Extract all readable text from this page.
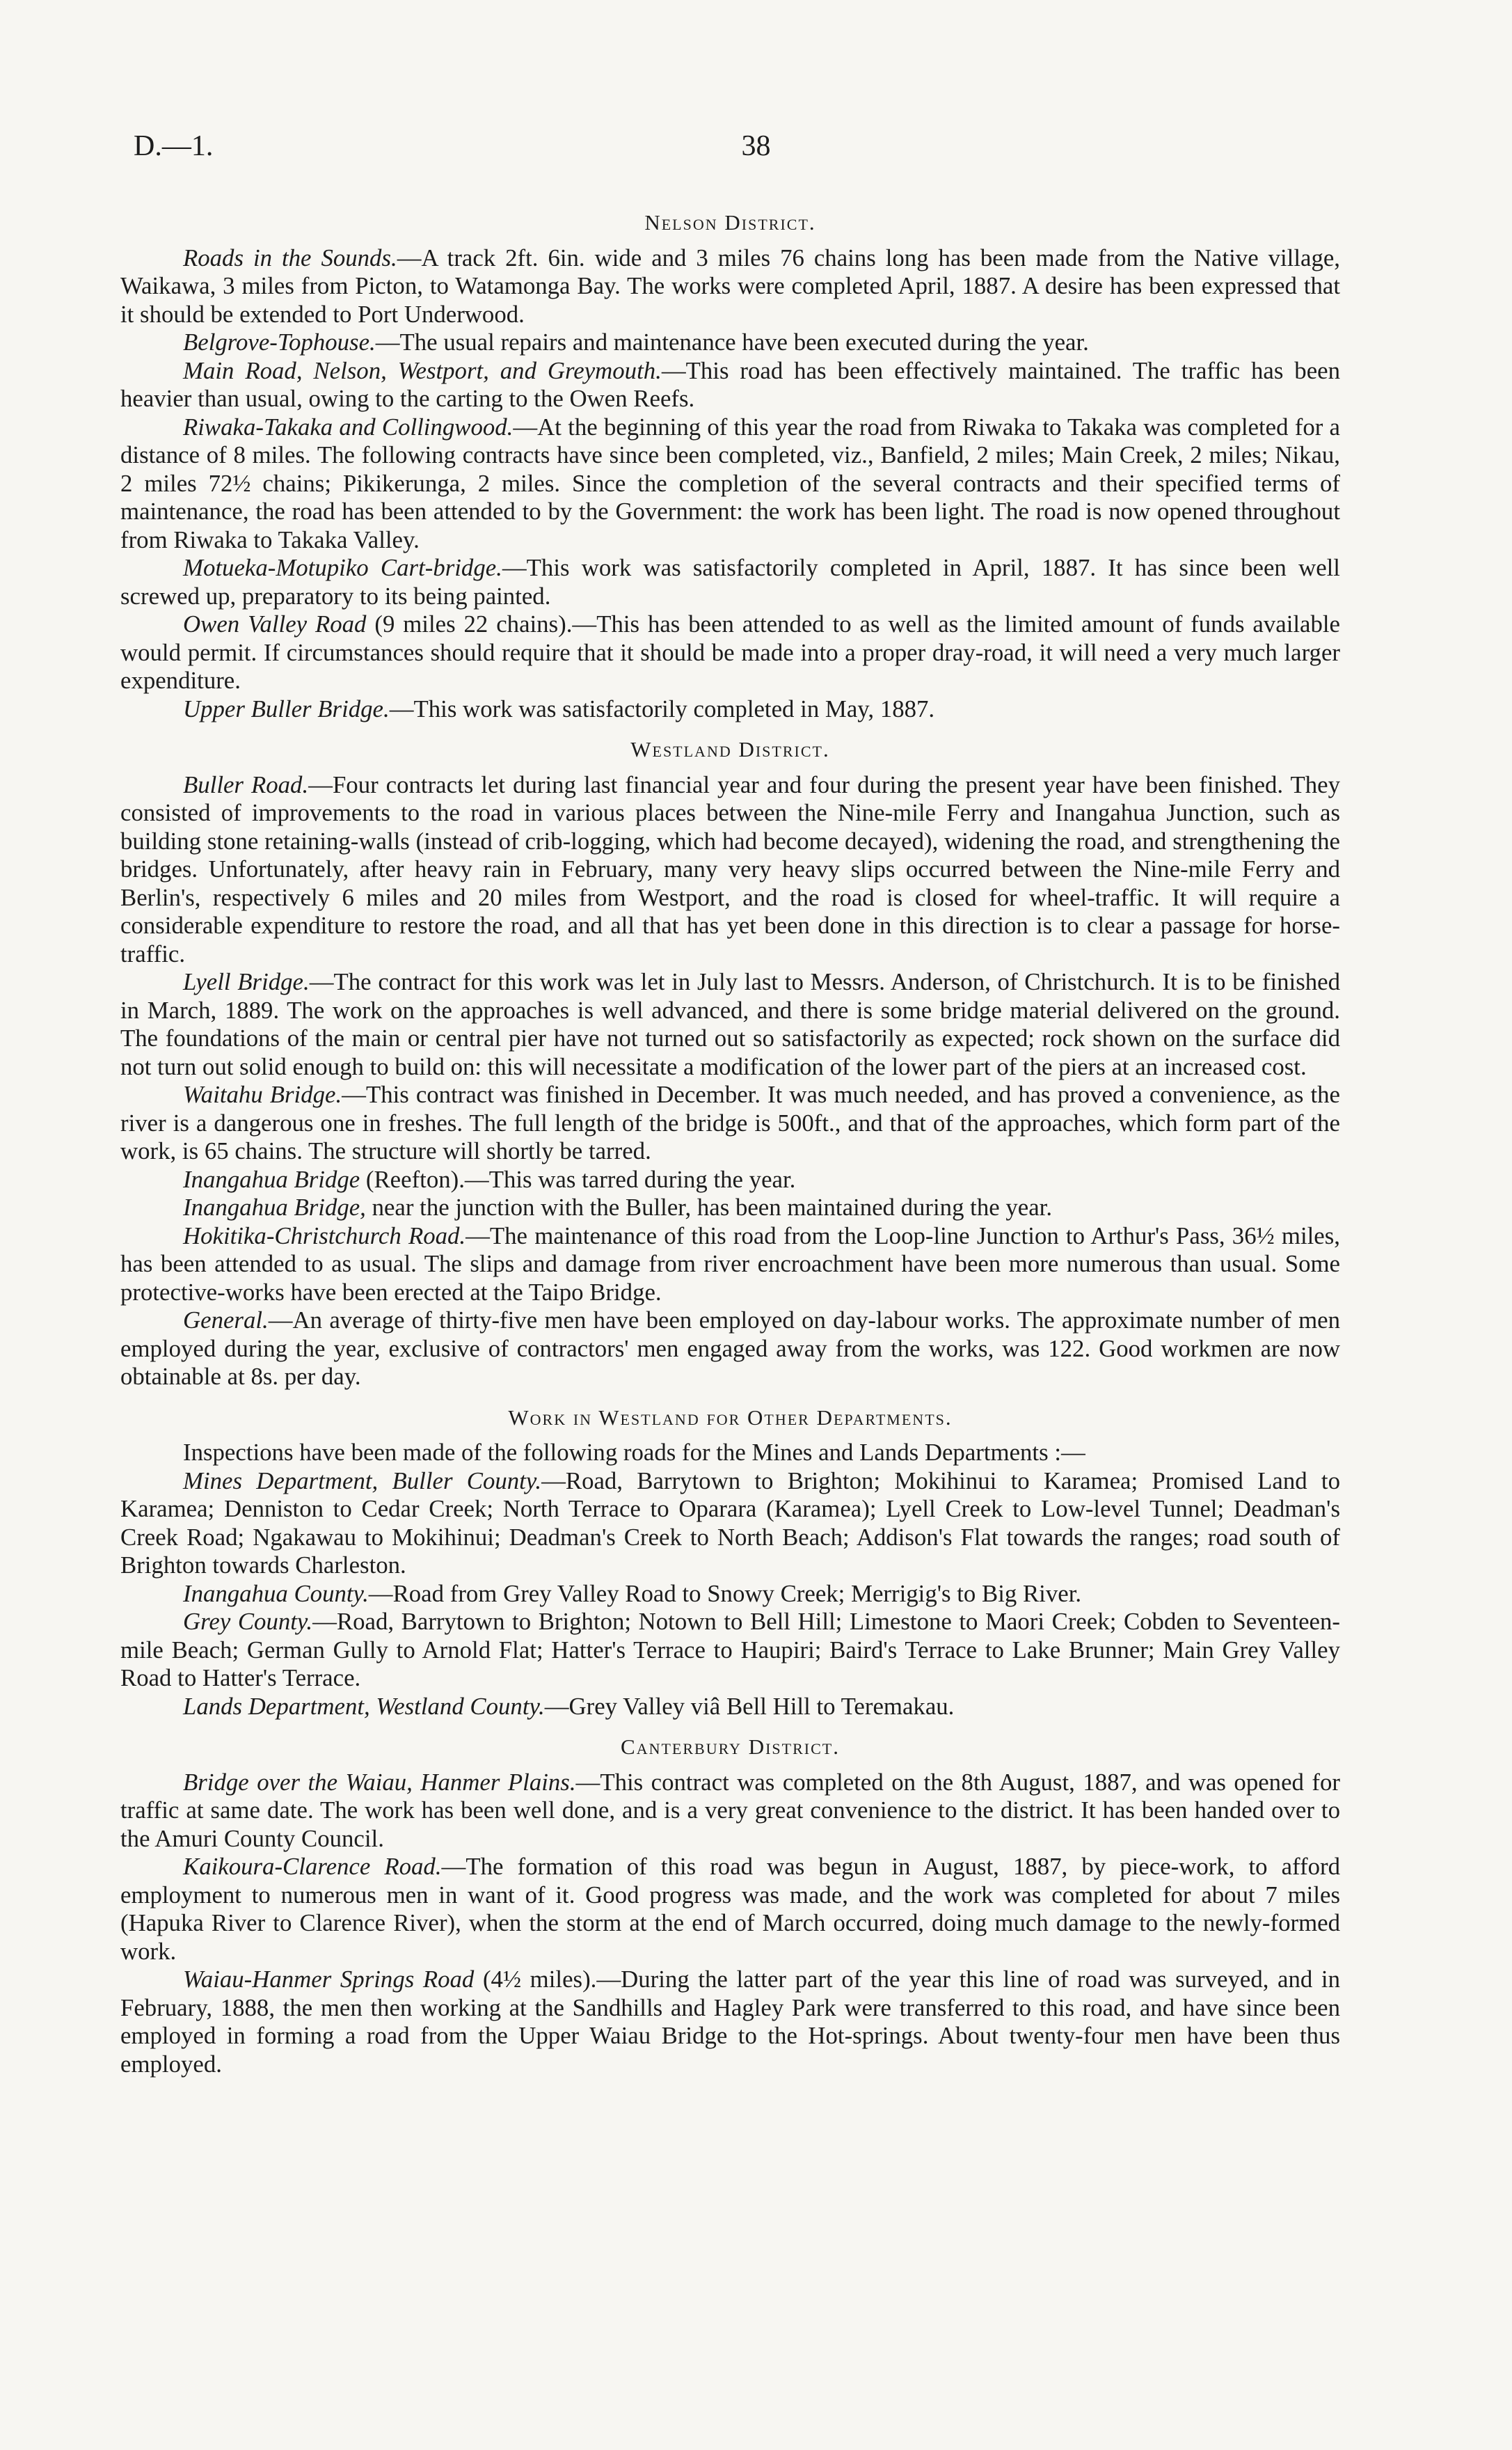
D.—1.	38
Nelson District.

Roads in the Sounds.—A track 2ft. 6in. wide and 3 miles 76 chains long has been made from the Native village, Waikawa, 3 miles from Picton, to Watamonga Bay. The works were completed April, 1887. A desire has been expressed that it should be extended to Port Underwood.

Belgrove-Tophouse.—The usual repairs and maintenance have been executed during the year.

Main Road, Nelson, Westport, and Greymouth.—This road has been effectively maintained. The traffic has been heavier than usual, owing to the carting to the Owen Reefs.

Riwaka-Takaka and Collingwood.—At the beginning of this year the road from Riwaka to Takaka was completed for a distance of 8 miles. The following contracts have since been completed, viz., Banfield, 2 miles; Main Creek, 2 miles; Nikau, 2 miles 72½ chains; Pikikerunga, 2 miles. Since the completion of the several contracts and their specified terms of maintenance, the road has been attended to by the Government: the work has been light. The road is now opened throughout from Riwaka to Takaka Valley.

Motueka-Motupiko Cart-bridge.—This work was satisfactorily completed in April, 1887. It has since been well screwed up, preparatory to its being painted.

Owen Valley Road (9 miles 22 chains).—This has been attended to as well as the limited amount of funds available would permit. If circumstances should require that it should be made into a proper dray-road, it will need a very much larger expenditure.

Upper Buller Bridge.—This work was satisfactorily completed in May, 1887.

Westland District.

Buller Road.—Four contracts let during last financial year and four during the present year have been finished. They consisted of improvements to the road in various places between the Nine-mile Ferry and Inangahua Junction, such as building stone retaining-walls (instead of crib-logging, which had become decayed), widening the road, and strengthening the bridges. Unfortunately, after heavy rain in February, many very heavy slips occurred between the Nine-mile Ferry and Berlin's, respectively 6 miles and 20 miles from Westport, and the road is closed for wheel-traffic. It will require a considerable expenditure to restore the road, and all that has yet been done in this direction is to clear a passage for horse-traffic.

Lyell Bridge.—The contract for this work was let in July last to Messrs. Anderson, of Christchurch. It is to be finished in March, 1889. The work on the approaches is well advanced, and there is some bridge material delivered on the ground. The foundations of the main or central pier have not turned out so satisfactorily as expected; rock shown on the surface did not turn out solid enough to build on: this will necessitate a modification of the lower part of the piers at an increased cost.

Waitahu Bridge.—This contract was finished in December. It was much needed, and has proved a convenience, as the river is a dangerous one in freshes. The full length of the bridge is 500ft., and that of the approaches, which form part of the work, is 65 chains. The structure will shortly be tarred.

Inangahua Bridge (Reefton).—This was tarred during the year.

Inangahua Bridge, near the junction with the Buller, has been maintained during the year.

Hokitika-Christchurch Road.—The maintenance of this road from the Loop-line Junction to Arthur's Pass, 36½ miles, has been attended to as usual. The slips and damage from river encroachment have been more numerous than usual. Some protective-works have been erected at the Taipo Bridge.

General.—An average of thirty-five men have been employed on day-labour works. The approximate number of men employed during the year, exclusive of contractors' men engaged away from the works, was 122. Good workmen are now obtainable at 8s. per day.

Work in Westland for Other Departments.

Inspections have been made of the following roads for the Mines and Lands Departments :—

Mines Department, Buller County.—Road, Barrytown to Brighton; Mokihinui to Karamea; Promised Land to Karamea; Denniston to Cedar Creek; North Terrace to Oparara (Karamea); Lyell Creek to Low-level Tunnel; Deadman's Creek Road; Ngakawau to Mokihinui; Deadman's Creek to North Beach; Addison's Flat towards the ranges; road south of Brighton towards Charleston.

Inangahua County.—Road from Grey Valley Road to Snowy Creek; Merrigig's to Big River.

Grey County.—Road, Barrytown to Brighton; Notown to Bell Hill; Limestone to Maori Creek; Cobden to Seventeen-mile Beach; German Gully to Arnold Flat; Hatter's Terrace to Haupiri; Baird's Terrace to Lake Brunner; Main Grey Valley Road to Hatter's Terrace.

Lands Department, Westland County.—Grey Valley viâ Bell Hill to Teremakau.

Canterbury District.

Bridge over the Waiau, Hanmer Plains.—This contract was completed on the 8th August, 1887, and was opened for traffic at same date. The work has been well done, and is a very great convenience to the district. It has been handed over to the Amuri County Council.

Kaikoura-Clarence Road.—The formation of this road was begun in August, 1887, by piece-work, to afford employment to numerous men in want of it. Good progress was made, and the work was completed for about 7 miles (Hapuka River to Clarence River), when the storm at the end of March occurred, doing much damage to the newly-formed work.

Waiau-Hanmer Springs Road (4½ miles).—During the latter part of the year this line of road was surveyed, and in February, 1888, the men then working at the Sandhills and Hagley Park were transferred to this road, and have since been employed in forming a road from the Upper Waiau Bridge to the Hot-springs. About twenty-four men have been thus employed.
